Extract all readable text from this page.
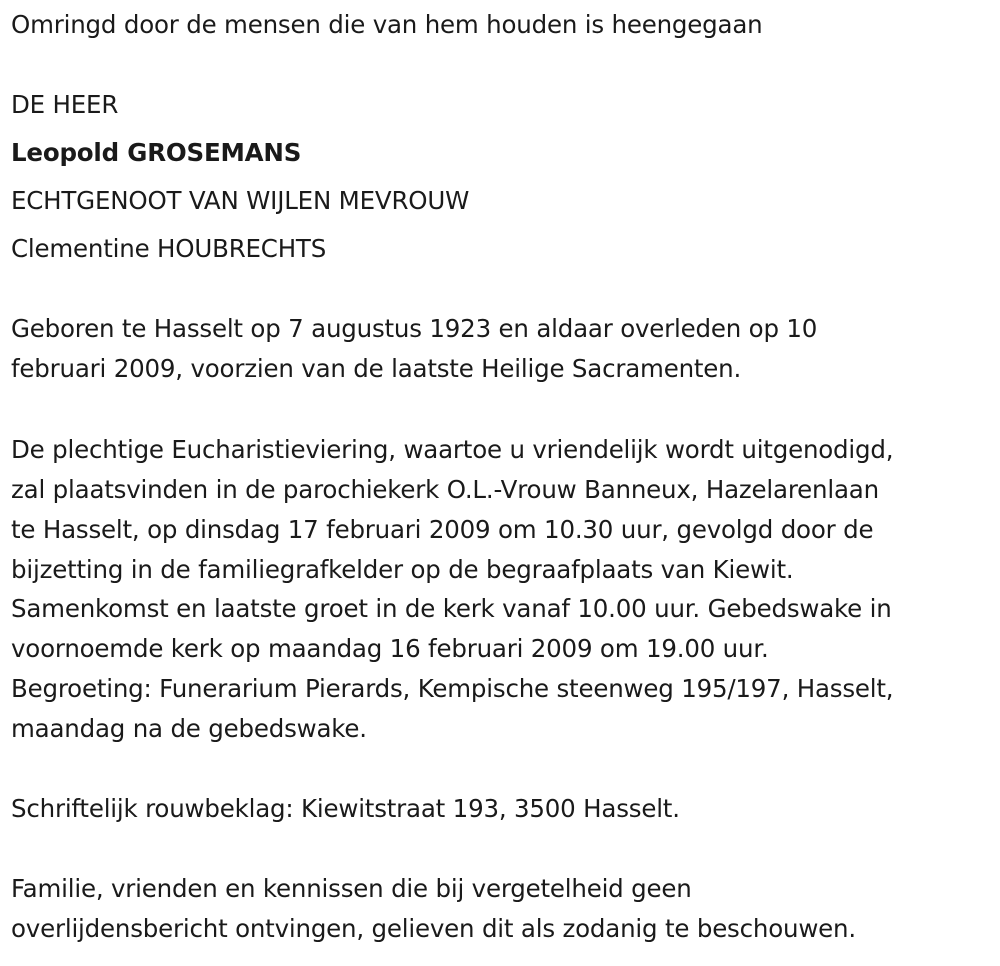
Omringd door de mensen die van hem houden is heengegaan
DE HEER
Leopold GROSEMANS
ECHTGENOOT VAN WIJLEN MEVROUW
Clementine HOUBRECHTS
Geboren te Hasselt op 7 augustus 1923 en aldaar overleden op 10
februari 2009, voorzien van de laatste Heilige Sacramenten.
De plechtige Eucharistieviering, waartoe u vriendelijk wordt uitgenodigd,
zal plaatsvinden in de parochiekerk O.L.-Vrouw Banneux, Hazelarenlaan
te Hasselt, op dinsdag 17 februari 2009 om 10.30 uur, gevolgd door de
bijzetting in de familiegrafkelder op de begraafplaats van Kiewit.
Samenkomst en laatste groet in de kerk vanaf 10.00 uur. Gebedswake in
voornoemde kerk op maandag 16 februari 2009 om 19.00 uur.
Begroeting: Funerarium Pierards, Kempische steenweg 195/197, Hasselt,
maandag na de gebedswake.
Schriftelijk rouwbeklag: Kiewitstraat 193, 3500 Hasselt.
Familie, vrienden en kennissen die bij vergetelheid geen
overlijdensbericht ontvingen, gelieven dit als zodanig te beschouwen.
